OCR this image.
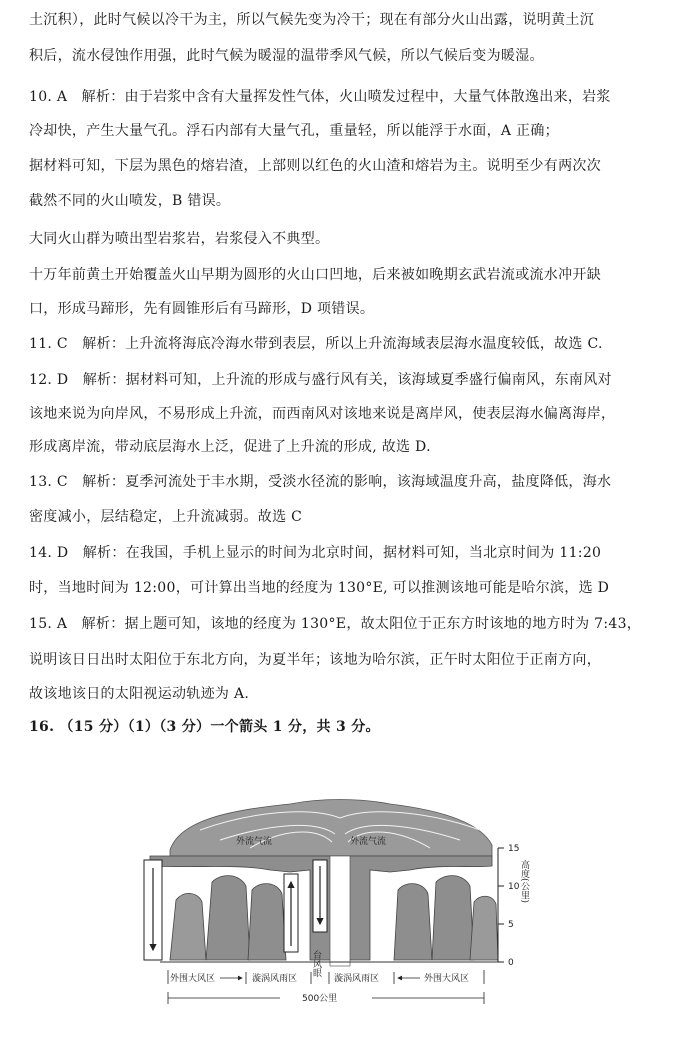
土沉积），此时气候以冷干为主，所以气候先变为冷干；现在有部分火山出露，说明黄土沉
积后，流水侵蚀作用强，此时气候为暖湿的温带季风气候，所以气候后变为暖湿。
10. A　解析：由于岩浆中含有大量挥发性气体，火山喷发过程中，大量气体散逸出来，岩浆
冷却快，产生大量气孔。浮石内部有大量气孔，重量轻，所以能浮于水面，A 正确；
据材料可知，下层为黑色的熔岩渣，上部则以红色的火山渣和熔岩为主。说明至少有两次次
截然不同的火山喷发，B 错误。
大同火山群为喷出型岩浆岩，岩浆侵入不典型。
十万年前黄土开始覆盖火山早期为圆形的火山口凹地，后来被如晚期玄武岩流或流水冲开缺
口，形成马蹄形，先有圆锥形后有马蹄形，D 项错误。
11. C　解析：上升流将海底冷海水带到表层，所以上升流海域表层海水温度较低，故选 C.
12. D　解析：据材料可知，上升流的形成与盛行风有关，该海域夏季盛行偏南风，东南风对
该地来说为向岸风，不易形成上升流，而西南风对该地来说是离岸风，使表层海水偏离海岸，
形成离岸流，带动底层海水上泛，促进了上升流的形成, 故选 D.
13. C　解析：夏季河流处于丰水期，受淡水径流的影响，该海域温度升高，盐度降低，海水
密度减小，层结稳定，上升流减弱。故选 C
14. D　解析：在我国，手机上显示的时间为北京时间，据材料可知，当北京时间为 11:20
时，当地时间为 12:00，可计算出当地的经度为 130°E, 可以推测该地可能是哈尔滨，选 D
15. A　解析：据上题可知，该地的经度为 130°E，故太阳位于正东方时该地的地方时为 7:43，
说明该日日出时太阳位于东北方向，为夏半年；该地为哈尔滨，正午时太阳位于正南方向，
故该地该日的太阳视运动轨迹为 A.
16. （15 分）（1）（3 分）一个箭头 1 分，共 3 分。
外流气流	外流气流
台风眼
15
10
5
0
高度(公里)
外围大风区	漩涡风雨区	漩涡风雨区	外围大风区
500公里
